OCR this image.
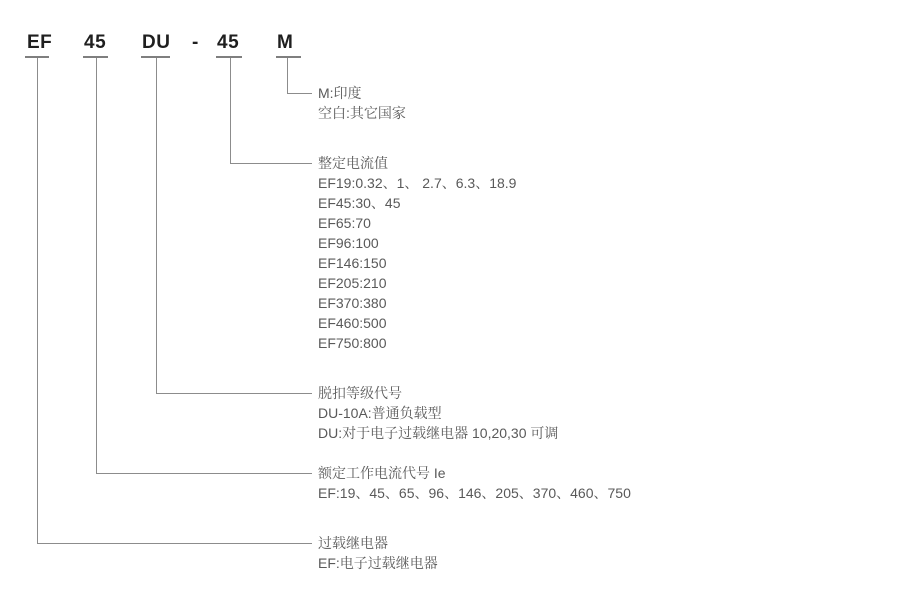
EF 45 DU - 45 M
M:印度
空白:其它国家
整定电流值
EF19:0.32、1、 2.7、6.3、18.9
EF45:30、45
EF65:70
EF96:100
EF146:150
EF205:210
EF370:380
EF460:500
EF750:800
脱扣等级代号
DU-10A:普通负载型
DU:对于电子过载继电器 10,20,30 可调
额定工作电流代号 Ie
EF:19、45、65、96、146、205、370、460、750
过载继电器
EF:电子过载继电器
